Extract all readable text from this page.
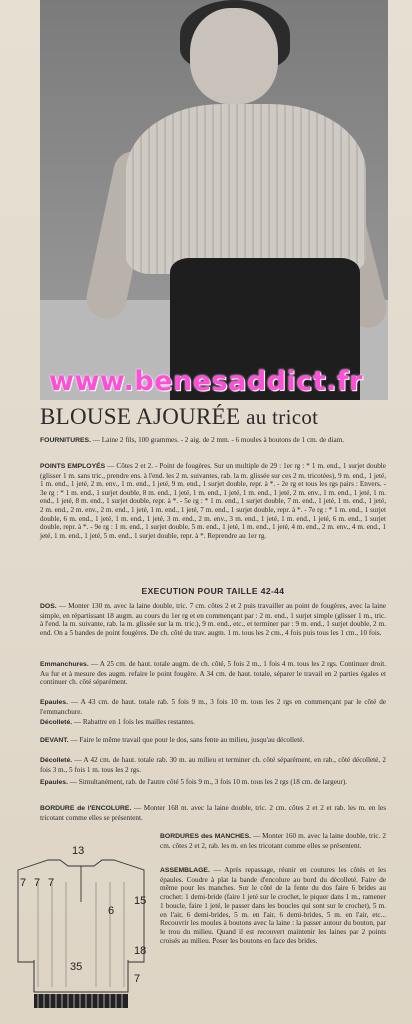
www.benesaddict.fr
BLOUSE AJOURÉE au tricot
FOURNITURES. — Laine 2 fils, 100 grammes. - 2 aig. de 2 mm. - 6 moules à boutons de 1 cm. de diam.
POINTS EMPLOYÉS — Côtes 2 et 2. - Point de fougères. Sur un multiple de 29 : 1er rg : * 1 m. end., 1 surjet double (glisser 1 m. sans tric., prendre ens. à l'end. les 2 m. suivantes, rab. la m. glissée sur ces 2 m. tricotées), 9 m. end., 1 jeté, 1 m. end., 1 jeté, 2 m. env., 1 m. end., 1 jeté, 9 m. end., 1 surjet double, repr. à *. - 2e rg et tous les rgs pairs : Envers. - 3e rg : * 1 m. end., 1 surjet double, 8 m. end., 1 jeté, 1 m. end., 1 jeté, 1 m. end., 1 jeté, 2 m. env., 1 m. end., 1 jeté, 1 m. end., 1 jeté, 8 m. end., 1 surjet double, repr. à *. - 5e rg : * 1 m. end., 1 surjet double, 7 m. end., 1 jeté, 1 m. end., 1 jeté, 2 m. end., 2 m. env., 2 m. end., 1 jeté, 1 m. end., 1 jeté, 7 m. end., 1 surjet double, repr. à *. - 7e rg : * 1 m. end., 1 surjet double, 6 m. end., 1 jeté, 1 m. end., 1 jeté, 3 m. end., 2 m. env., 3 m. end., 1 jeté, 1 m. end., 1 jeté, 6 m. end., 1 surjet double, repr. à *. - 9e rg : 1 m. end., 1 surjet double, 5 m. end., 1 jeté, 1 m. end., 1 jeté, 4 m. end., 2 m. env., 4 m. end., 1 jeté, 1 m. end., 1 jeté, 5 m. end., 1 surjet double, repr. à *. Reprendre au 1er rg.
EXECUTION POUR TAILLE 42-44
DOS. — Monter 130 m. avec la laine double, tric. 7 cm. côtes 2 et 2 puis travailler au point de fougères, avec la laine simple, en répartissant 18 augm. au cours du 1er rg et en commençant par : 2 m. end., 1 surjet simple (glisser 1 m., tric. à l'end. la m. suivante, rab. la m. glissée sur la m. tric.), 9 m. end., etc., et terminer par : 9 m. end., 1 surjet double, 2 m. end. On a 5 bandes de point fougères. De ch. côté du trav. augm. 1 m. tous les 2 cm., 4 fois puis tous les 1 cm., 10 fois.
Emmanchures. — A 25 cm. de haut. totale augm. de ch. côté, 5 fois 2 m., 1 fois 4 m. tous les 2 rgs. Continuer droit. Au fur et à mesure des augm. refaire le point fougère. A 34 cm. de haut. totale, séparer le travail en 2 parties égales et continuer ch. côté séparément.
Epaules. — A 43 cm. de haut. totale rab. 5 fois 9 m., 3 fois 10 m. tous les 2 rgs en commençant par le côté de l'emmanchure.
Décolleté. — Rabattre en 1 fois les mailles restantes.
DEVANT. — Faire le même travail que pour le dos, sans fente au milieu, jusqu'au décolleté.
Décolleté. — A 42 cm. de haut. totale rab. 30 m. au milieu et terminer ch. côté séparément, en rab., côté décolleté, 2 fois 3 m., 5 fois 1 m. tous les 2 rgs.
Epaules. — Simultanément, rab. de l'autre côté 5 fois 9 m., 3 fois 10 m. tous les 2 rgs (18 cm. de largeur).
BORDURE de l'ENCOLURE. — Monter 168 m. avec la laine double, tric. 2 cm. côtes 2 et 2 et rab. les m. en les tricotant comme elles se présentent.
13
7 7 7
15
6
18
7
35
BORDURES des MANCHES. — Monter 160 m. avec la laine double, tric. 2 cm. côtes 2 et 2, rab. les m. en les tricotant comme elles se présentent.
ASSEMBLAGE. — Après repassage, réunir en coutures les côtés et les épaules. Coudre à plat la bande d'encolure au bord du décolleté. Faire de même pour les manches. Sur le côté de la fente du dos faire 6 brides au crochet: 1 demi-bride (faire 1 jeté sur le crochet, le piquer dans 1 m., ramener 1 boucle, faire 1 jeté, le passer dans les boucles qui sont sur le crochet), 5 m. en l'air, 6 demi-brides, 5 m. en l'air, 6 demi-brides, 5 m. en l'air, etc... Recouvrir les moules à boutons avec la laine : la passer autour du bouton, par le trou du milieu. Quand il est recouvert maintenir les laines par 2 points croisés au milieu. Poser les boutons en face des brides.
